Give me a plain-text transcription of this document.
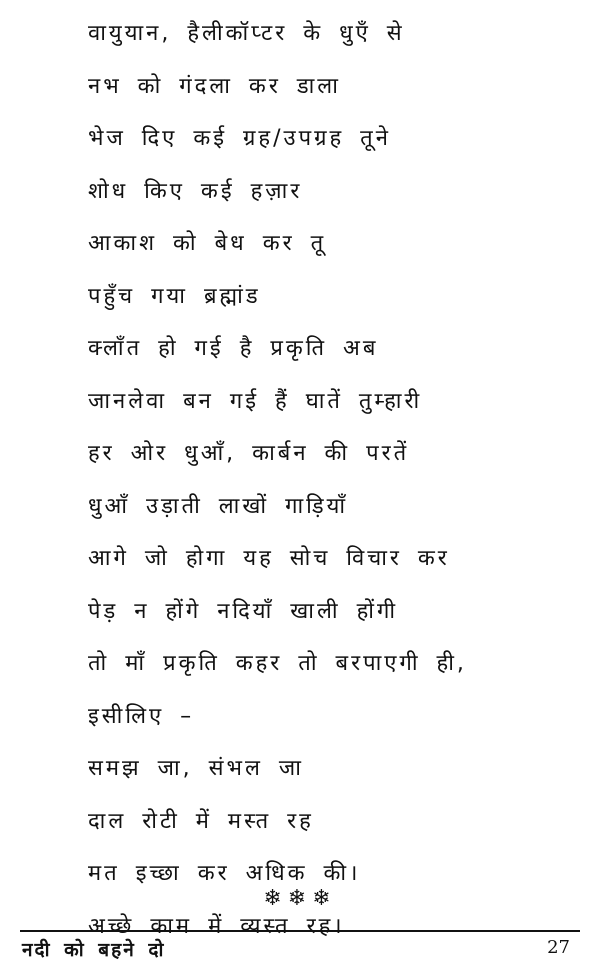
वायुयान, हैलीकॉप्टर के धुएँ से
नभ को गंदला कर डाला
भेज दिए कई ग्रह/उपग्रह तूने
शोध किए कई हज़ार
आकाश को बेध कर तू
पहुँच गया ब्रह्मांड
क्लाँत हो गई है प्रकृति अब
जानलेवा बन गई हैं घातें तुम्हारी
हर ओर धुआँ, कार्बन की परतें
धुआँ उड़ाती लाखों गाड़ियाँ
आगे जो होगा यह सोच विचार कर
पेड़ न होंगे नदियाँ खाली होंगी
तो माँ प्रकृति कहर तो बरपाएगी ही,
इसीलिए –
समझ जा, संभल जा
दाल रोटी में मस्त रह
मत इच्छा कर अधिक की।
अच्छे काम में व्यस्त रह।
❄❄❄
नदी को बहने दो	27
